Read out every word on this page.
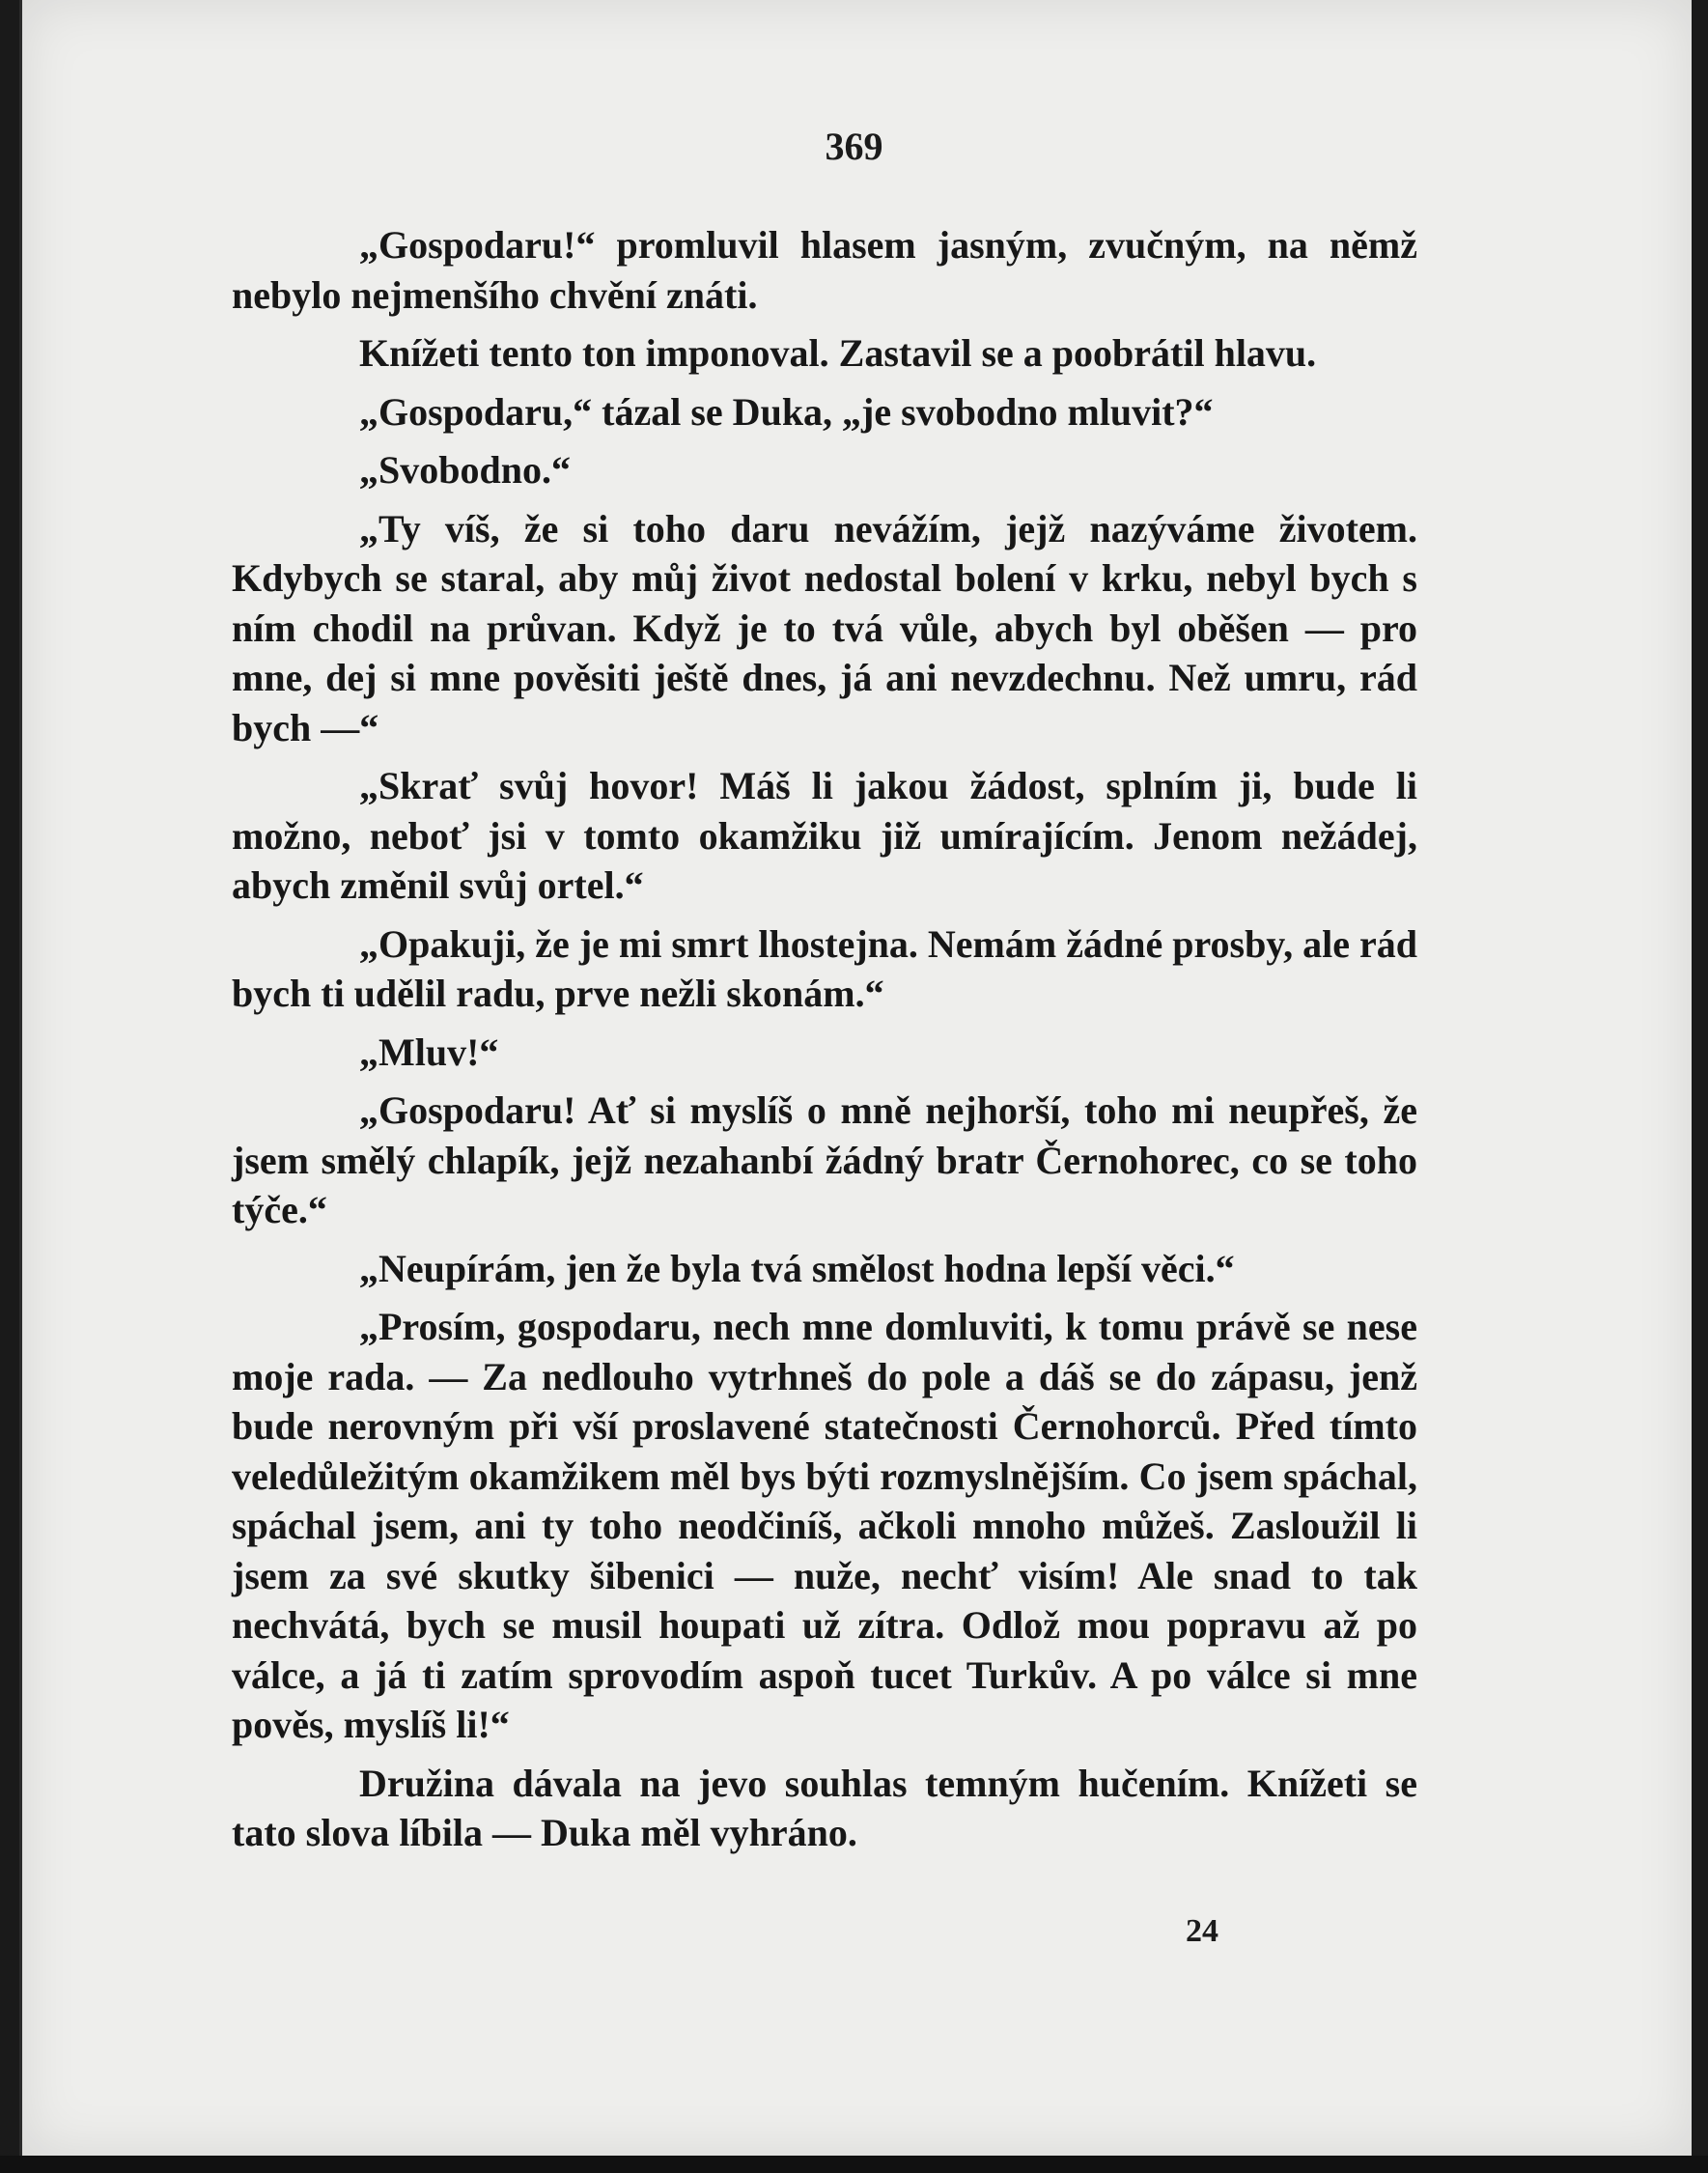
369

„Gospodaru!“ promluvil hlasem jasným, zvučným, na němž nebylo nejmenšího chvění znáti.

Knížeti tento ton imponoval. Zastavil se a poobrátil hlavu.

„Gospodaru,“ tázal se Duka, „je svobodno mluvit?“

„Svobodno.“

„Ty víš, že si toho daru nevážím, jejž nazýváme životem. Kdybych se staral, aby můj život nedostal bolení v krku, nebyl bych s ním chodil na průvan. Když je to tvá vůle, abych byl oběšen — pro mne, dej si mne pověsiti ještě dnes, já ani nevzdechnu. Než umru, rád bych —“

„Skrať svůj hovor! Máš li jakou žádost, splním ji, bude li možno, neboť jsi v tomto okamžiku již umírajícím. Jenom nežádej, abych změnil svůj ortel.“

„Opakuji, že je mi smrt lhostejna. Nemám žádné prosby, ale rád bych ti udělil radu, prve nežli skonám.“

„Mluv!“

„Gospodaru! Ať si myslíš o mně nejhorší, toho mi neupřeš, že jsem smělý chlapík, jejž nezahanbí žádný bratr Černohorec, co se toho týče.“

„Neupírám, jen že byla tvá smělost hodna lepší věci.“

„Prosím, gospodaru, nech mne domluviti, k tomu právě se nese moje rada. — Za nedlouho vytrhneš do pole a dáš se do zápasu, jenž bude nerovným při vší proslavené statečnosti Černohorců. Před tímto veledůležitým okamžikem měl bys býti rozmyslnějším. Co jsem spáchal, spáchal jsem, ani ty toho neodčiníš, ačkoli mnoho můžeš. Zasloužil li jsem za své skutky šibenici — nuže, nechť visím! Ale snad to tak nechvátá, bych se musil houpati už zítra. Odlož mou popravu až po válce, a já ti zatím sprovodím aspoň tucet Turkův. A po válce si mne pověs, myslíš li!“

Družina dávala na jevo souhlas temným hučením. Knížeti se tato slova líbila — Duka měl vyhráno.

24
